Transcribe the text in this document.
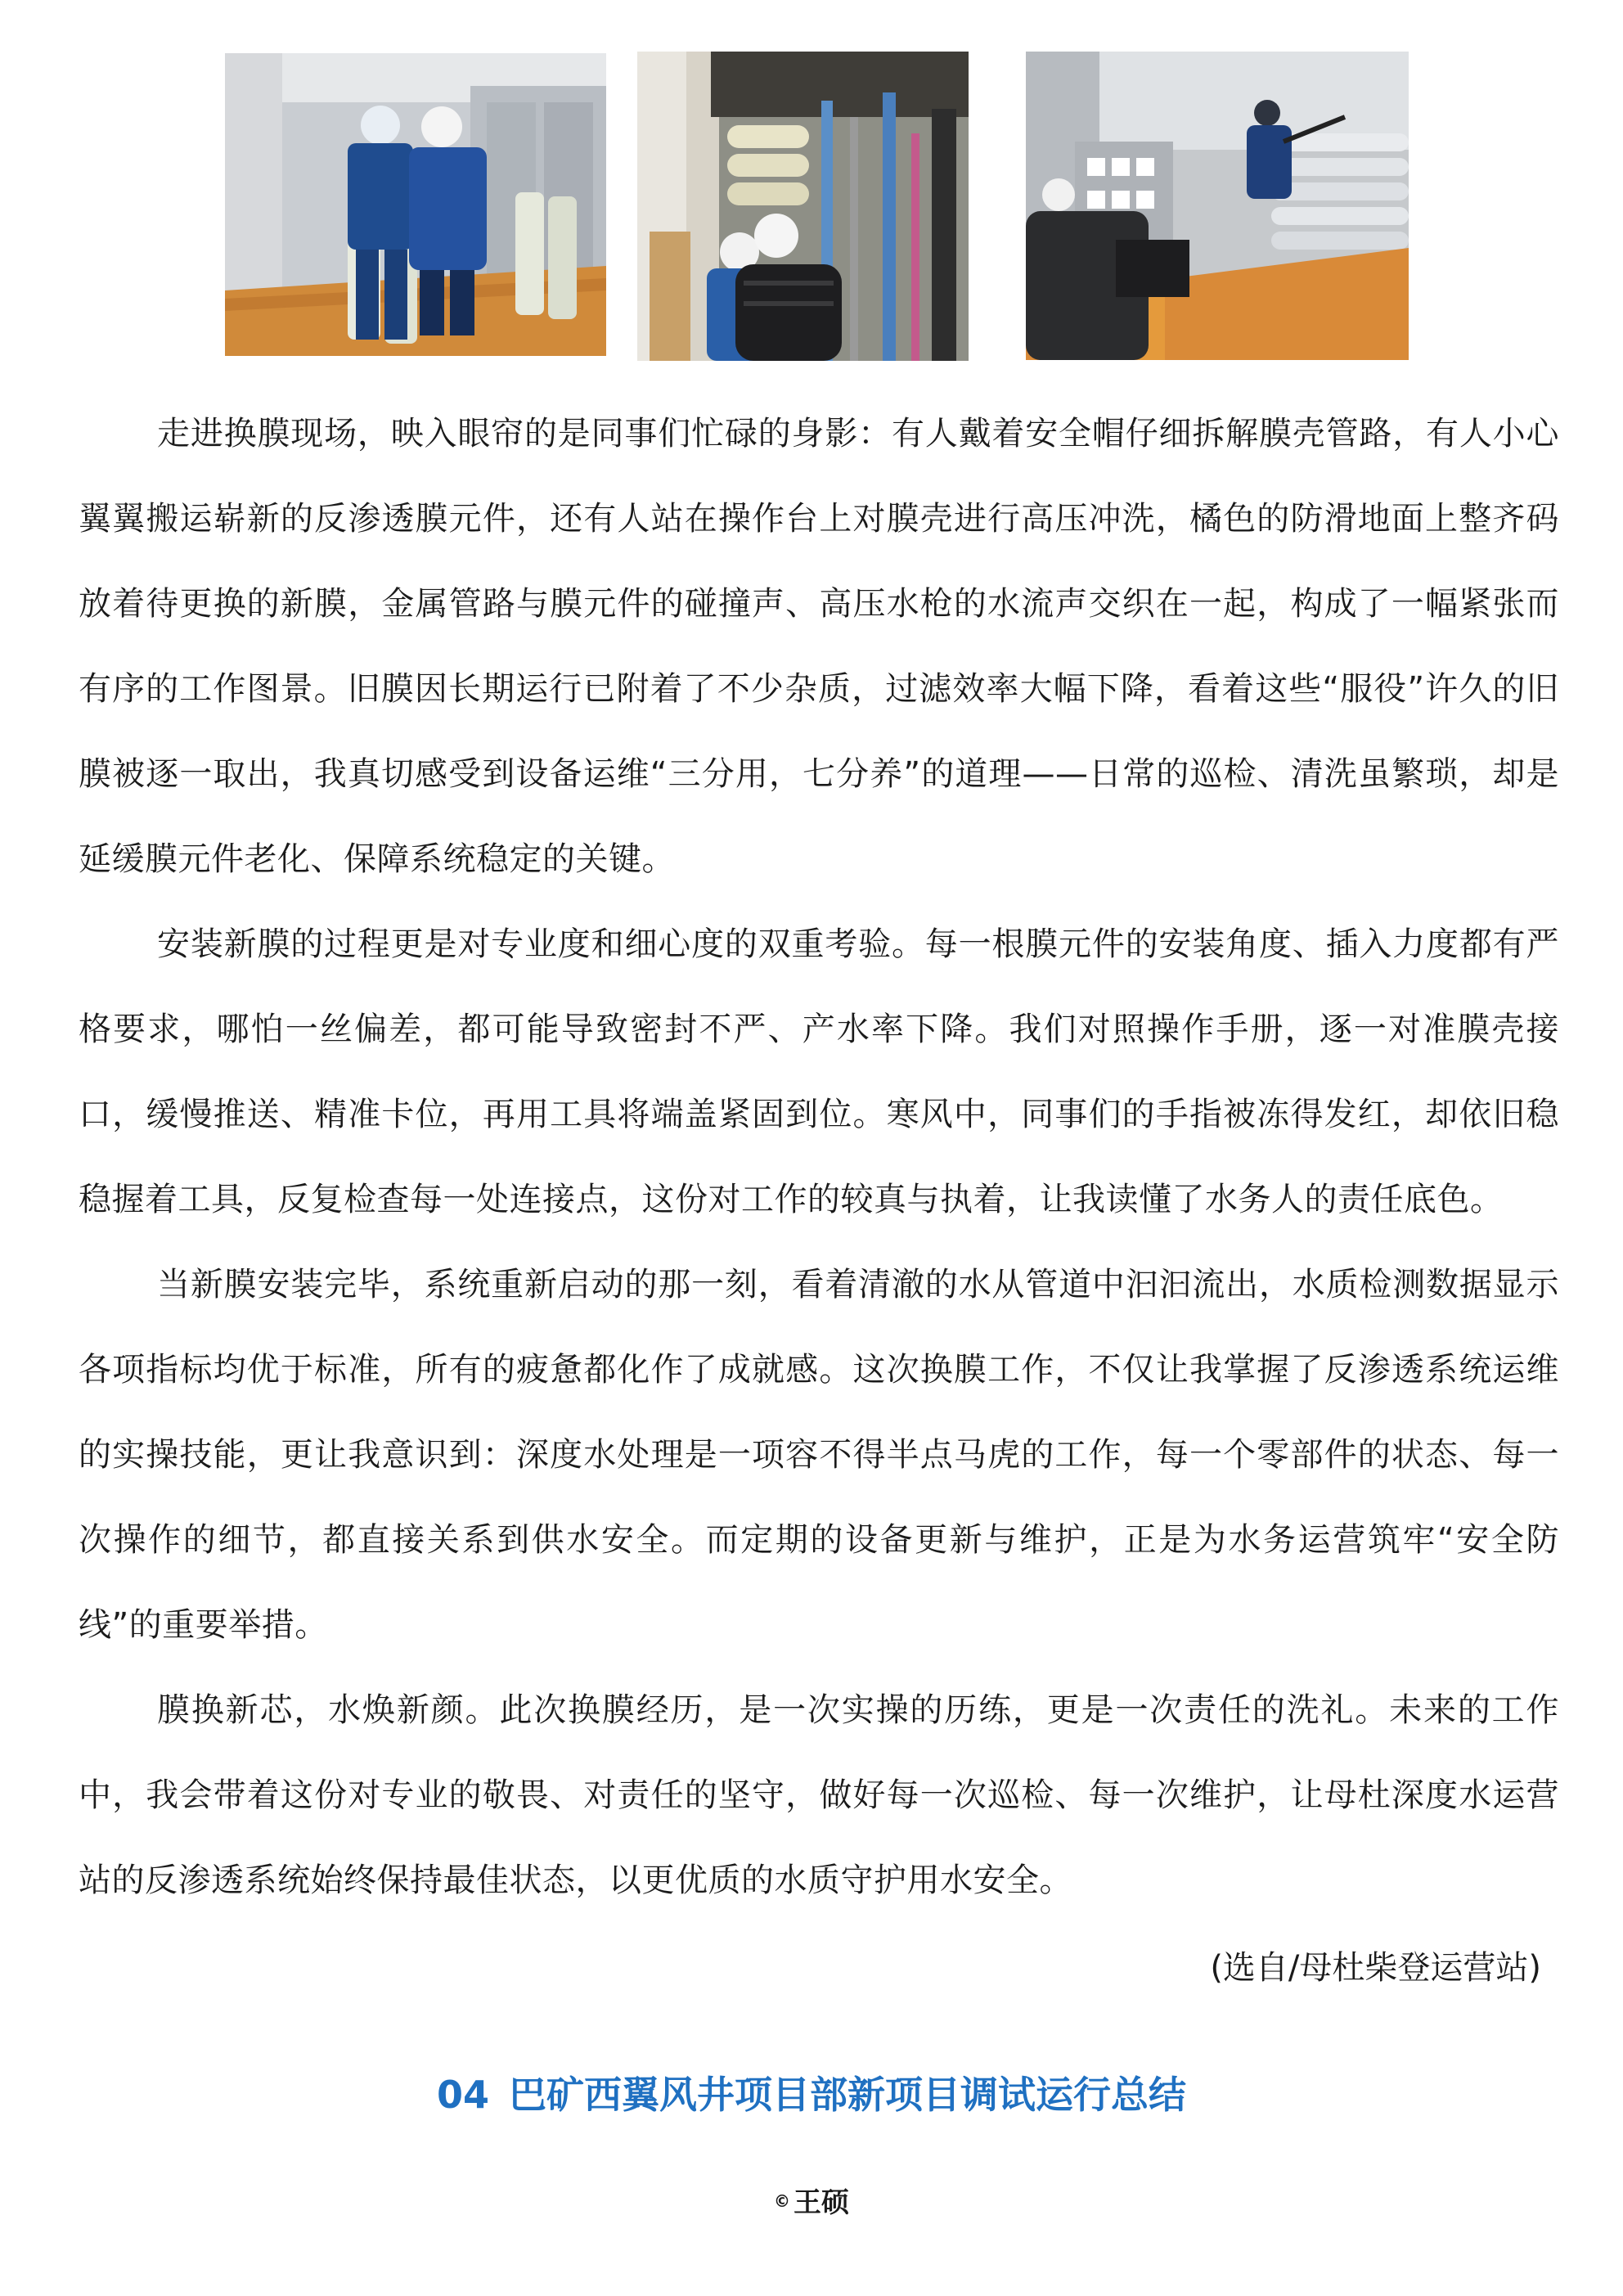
走进换膜现场，映入眼帘的是同事们忙碌的身影：有人戴着安全帽仔细拆解膜壳管路，有人小心翼翼搬运崭新的反渗透膜元件，还有人站在操作台上对膜壳进行高压冲洗，橘色的防滑地面上整齐码放着待更换的新膜，金属管路与膜元件的碰撞声、高压水枪的水流声交织在一起，构成了一幅紧张而有序的工作图景。旧膜因长期运行已附着了不少杂质，过滤效率大幅下降，看着这些“服役”许久的旧膜被逐一取出，我真切感受到设备运维“三分用，七分养”的道理——日常的巡检、清洗虽繁琐，却是延缓膜元件老化、保障系统稳定的关键。

安装新膜的过程更是对专业度和细心度的双重考验。每一根膜元件的安装角度、插入力度都有严格要求，哪怕一丝偏差，都可能导致密封不严、产水率下降。我们对照操作手册，逐一对准膜壳接口，缓慢推送、精准卡位，再用工具将端盖紧固到位。寒风中，同事们的手指被冻得发红，却依旧稳稳握着工具，反复检查每一处连接点，这份对工作的较真与执着，让我读懂了水务人的责任底色。

当新膜安装完毕，系统重新启动的那一刻，看着清澈的水从管道中汩汩流出，水质检测数据显示各项指标均优于标准，所有的疲惫都化作了成就感。这次换膜工作，不仅让我掌握了反渗透系统运维的实操技能，更让我意识到：深度水处理是一项容不得半点马虎的工作，每一个零部件的状态、每一次操作的细节，都直接关系到供水安全。而定期的设备更新与维护，正是为水务运营筑牢“安全防线”的重要举措。

膜换新芯，水焕新颜。此次换膜经历，是一次实操的历练，更是一次责任的洗礼。未来的工作中，我会带着这份对专业的敬畏、对责任的坚守，做好每一次巡检、每一次维护，让母杜深度水运营站的反渗透系统始终保持最佳状态，以更优质的水质守护用水安全。

(选自/母杜柴登运营站)
04 巴矿西翼风井项目部新项目调试运行总结
© 王硕
